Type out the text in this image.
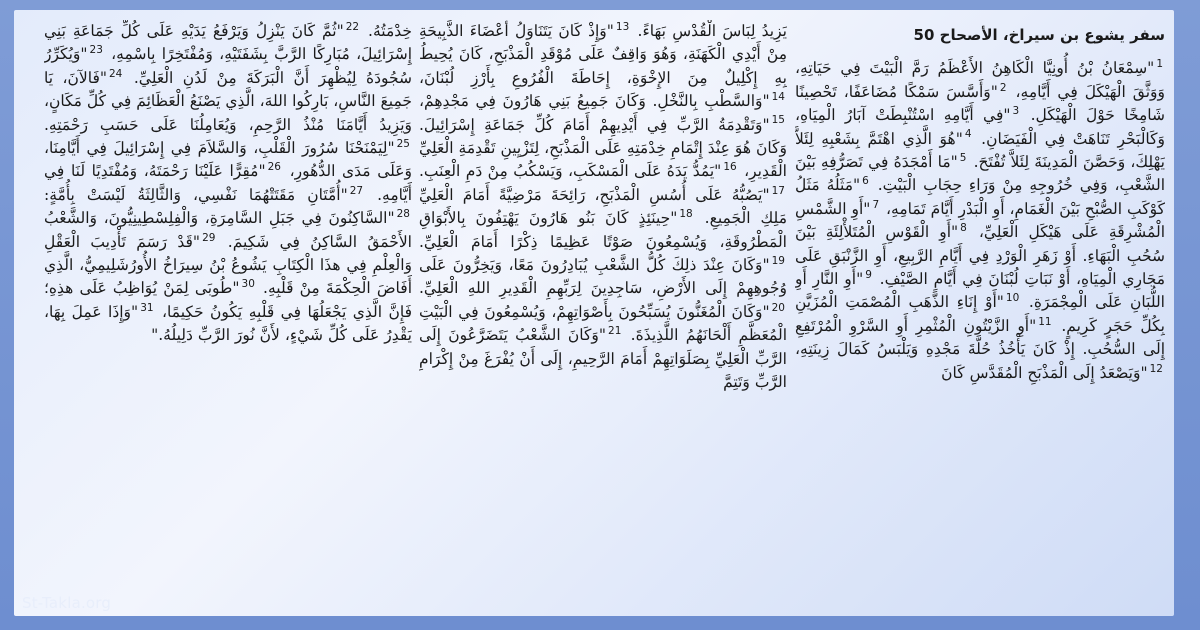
سفر يشوع بن سيراخ، الأصحاح 50
$^1$"سِمْعَانُ بْنُ أُونِيَّا الْكَاهِنُ الأَعْظَمُ رَمَّ الْبَيْتَ فِي حَيَاتِهِ، وَوَثَّقَ الْهَيْكَلَ فِي أَيَّامِهِ، $^2$"وَأَسَّسَ سَمْكًا مُضَاعَفًا، تَحْصِينًا شَامِخًا حَوْلَ الْهَيْكَلِ. $^3$"فِي أَيَّامِهِ اسْتُنْبِطَتْ آبَارُ الْمِيَاهِ، وَكَالْبَحْرِ تَنَاهَتْ فِي الْفَيَضَانِ. $^4$"هُوَ الَّذِي اهْتَمَّ بِشَعْبِهِ لِئَلاَّ يَهْلِكَ، وَحَصَّنَ الْمَدِينَةَ لِئَلاَّ تُفْتَحَ. $^5$"مَا أَمْجَدَهُ فِي تَصَرُّفِهِ بَيْنَ الشَّعْبِ، وَفِي خُرُوجِهِ مِنْ وَرَاءِ حِجَابِ الْبَيْتِ. $^6$"مَثَلُهُ مَثَلُ كَوْكَبِ الصُّبْحِ بَيْنَ الْغَمَامِ، أَوِ الْبَدْرِ أَيَّامَ تَمَامِهِ، $^7$"أَوِ الشَّمْسِ الْمُشْرِقَةِ عَلَى هَيْكَلِ الْعَلِيِّ، $^8$"أَوِ الْقَوْسِ الْمُتَلأْلِئَةِ بَيْنَ سُحُبِ الْبَهَاءِ. أَوْ زَهَرِ الْوَرْدِ فِي أَيَّامِ الرَّبِيعِ، أَوِ الزَّنْبَقِ عَلَى مَجَارِي الْمِيَاهِ، أَوْ نَبَاتِ لُبْنَانَ فِي أَيَّامِ الصَّيْفِ. $^9$"أَوِ النَّارِ أَوِ اللُّبَانِ عَلَى الْمِجْمَرَةِ. $^{10}$"أَوْ إِنَاءِ الذَّهَبِ الْمُصْمَتِ الْمُزَيَّنِ بِكُلِّ حَجَرٍ كَرِيمٍ. $^{11}$"أَوِ الزَّيْتُونِ الْمُثْمِرِ أَوِ السَّرْوِ الْمُرْتَفِعِ إِلَى السُّحُبِ. إِذْ كَانَ يَأْخُذُ حُلَّةَ مَجْدِهِ وَيَلْبَسُ كَمَالَ زِينَتِهِ، $^{12}$"وَيَصْعَدُ إِلَى الْمَذْبَحِ الْمُقَدَّسِ كَانَ
يَزِيدُ لِبَاسَ الْقُدْسِ بَهَاءً. $^{13}$"وَإِذْ كَانَ يَتَنَاوَلُ أَعْضَاءَ الذَّبِيحَةِ مِنْ أَيْدِي الْكَهَنَةِ، وَهُوَ وَاقِفٌ عَلَى مُوْقَدِ الْمَذْبَحِ، كَانَ يُحِيطُ بِهِ إِكْلِيلٌ مِنَ الإِخْوَةِ، إِحَاطَةَ الْفُرُوعِ بِأَرْزِ لُبْنَانَ، $^{14}$"وَالسَّطْبِ بِالنَّخْلِ. وَكَانَ جَمِيعُ بَنِي هَارُونَ فِي مَجْدِهِمْ، $^{15}$"وَتَقْدِمَةُ الرَّبِّ فِي أَيْدِيهِمْ أَمَامَ كُلِّ جَمَاعَةِ إِسْرَائِيلَ. وَكَانَ هُوَ عِنْدَ إِتْمَامِ خِدْمَتِهِ عَلَى الْمَذْبَحِ، لِتَزْيِينِ تَقْدِمَةِ الْعَلِيِّ الْقَدِيرِ، $^{16}$"يَمُدُّ يَدَهُ عَلَى الْمَسْكَبِ، وَيَسْكُبُ مِنْ دَمِ الْعِنَبِ. $^{17}$"يَصُبُّهُ عَلَى أُسُسِ الْمَذْبَحِ، رَائِحَةَ مَرْضِيَّةً أَمَامَ الْعَلِيِّ مَلِكِ الْجَمِيعِ. $^{18}$"حِينَئِذٍ كَانَ بَنُو هَارُونَ يَهْتِفُونَ بِالأَبْوَاقِ الْمَطْرُوقَةِ، وَيُسْمِعُونَ صَوْتًا عَظِيمًا ذِكْرًا أَمَامَ الْعَلِيِّ. $^{19}$"وَكَانَ عِنْدَ ذلِكَ كُلُّ الشَّعْبِ يُبَادِرُونَ مَعًا، وَيَخِرُّونَ عَلَى وُجُوهِهِمْ إِلَى الأَرْضِ، سَاجِدِينَ لِرَبِّهِمِ الْقَدِيرِ اللهِ الْعَلِيِّ. $^{20}$"وَكَانَ الْمُغَنُّونَ يُسَبِّحُونَ بِأَصْوَاتِهِمْ، وَيُسْمِعُونَ فِي الْبَيْتِ الْمُعَظَّمِ أَلْحَانَهُمُ اللَّذِيذَةَ. $^{21}$"وَكَانَ الشَّعْبُ يَتَضَرَّعُونَ إِلَى الرَّبِّ الْعَلِيِّ بِصَلَوَاتِهِمْ أَمَامَ الرَّحِيمِ، إِلَى أَنْ يُفْرَغَ مِنْ إِكْرَامِ الرَّبِّ وَتَتِمَّ
خِدْمَتُهُ. $^{22}$"ثُمَّ كَانَ يَنْزِلُ وَيَرْفَعُ يَدَيْهِ عَلَى كُلِّ جَمَاعَةِ بَنِي إِسْرَائِيلَ، مُبَارِكًا الرَّبَّ بِشَفَتَيْهِ، وَمُفْتَخِرًا بِاسْمِهِ، $^{23}$"وَيُكَرِّرُ سُجُودَهُ لِيُظْهِرَ أَنَّ الْبَرَكَةَ مِنْ لَدُنِ الْعَلِيِّ. $^{24}$"فَالآنَ، يَا جَمِيعَ النَّاسِ، بَارِكُوا اللهَ، الَّذِي يَصْنَعُ الْعَظَائِمَ فِي كُلِّ مَكَانٍ، وَيَزِيدُ أَيَّامَنَا مُنْذُ الرَّحِمِ، وَيُعَامِلُنَا عَلَى حَسَبِ رَحْمَتِهِ. $^{25}$"لِيَمْنَحْنَا سُرُورَ الْقَلْبِ، وَالسَّلاَمَ فِي إِسْرَائِيلَ فِي أَيَّامِنَا، وَعَلَى مَدَى الدُّهُورِ، $^{26}$"مُقِرًّا عَلَيْنَا رَحْمَتَهُ، وَمُفْتَدِيًا لَنَا فِي أَيَّامِهِ. $^{27}$"أُمَّتَانِ مَقَتَتْهُمَا نَفْسِي، وَالثَّالِثَةُ لَيْسَتْ بِأُمَّةٍ: $^{28}$"السَّاكِنُونَ فِي جَبَلِ السَّامِرَةِ، وَالْفِلِسْطِينِيُّونَ، وَالشَّعْبُ الأَحْمَقُ السَّاكِنُ فِي شَكِيمَ. $^{29}$"قَدْ رَسَمَ تَأْدِيبَ الْعَقْلِ وَالْعِلْمِ فِي هذَا الْكِتَابِ يَشُوعُ بْنُ سِيرَاخُ الأُورُشَلِيمِيُّ، الَّذِي أَفَاضَ الْحِكْمَةَ مِنْ قَلْبِهِ. $^{30}$"طُوبَى لِمَنْ يُوَاظِبُ عَلَى هذِهِ؛ فَإِنَّ الَّذِي يَجْعَلُهَا فِي قَلْبِهِ يَكُونُ حَكِيمًا، $^{31}$"وَإِذَا عَمِلَ بِهَا، يَقْدِرُ عَلَى كُلِّ شَيْءٍ، لأَنَّ نُورَ الرَّبِّ دَلِيلُهُ."
St-Takla.org
